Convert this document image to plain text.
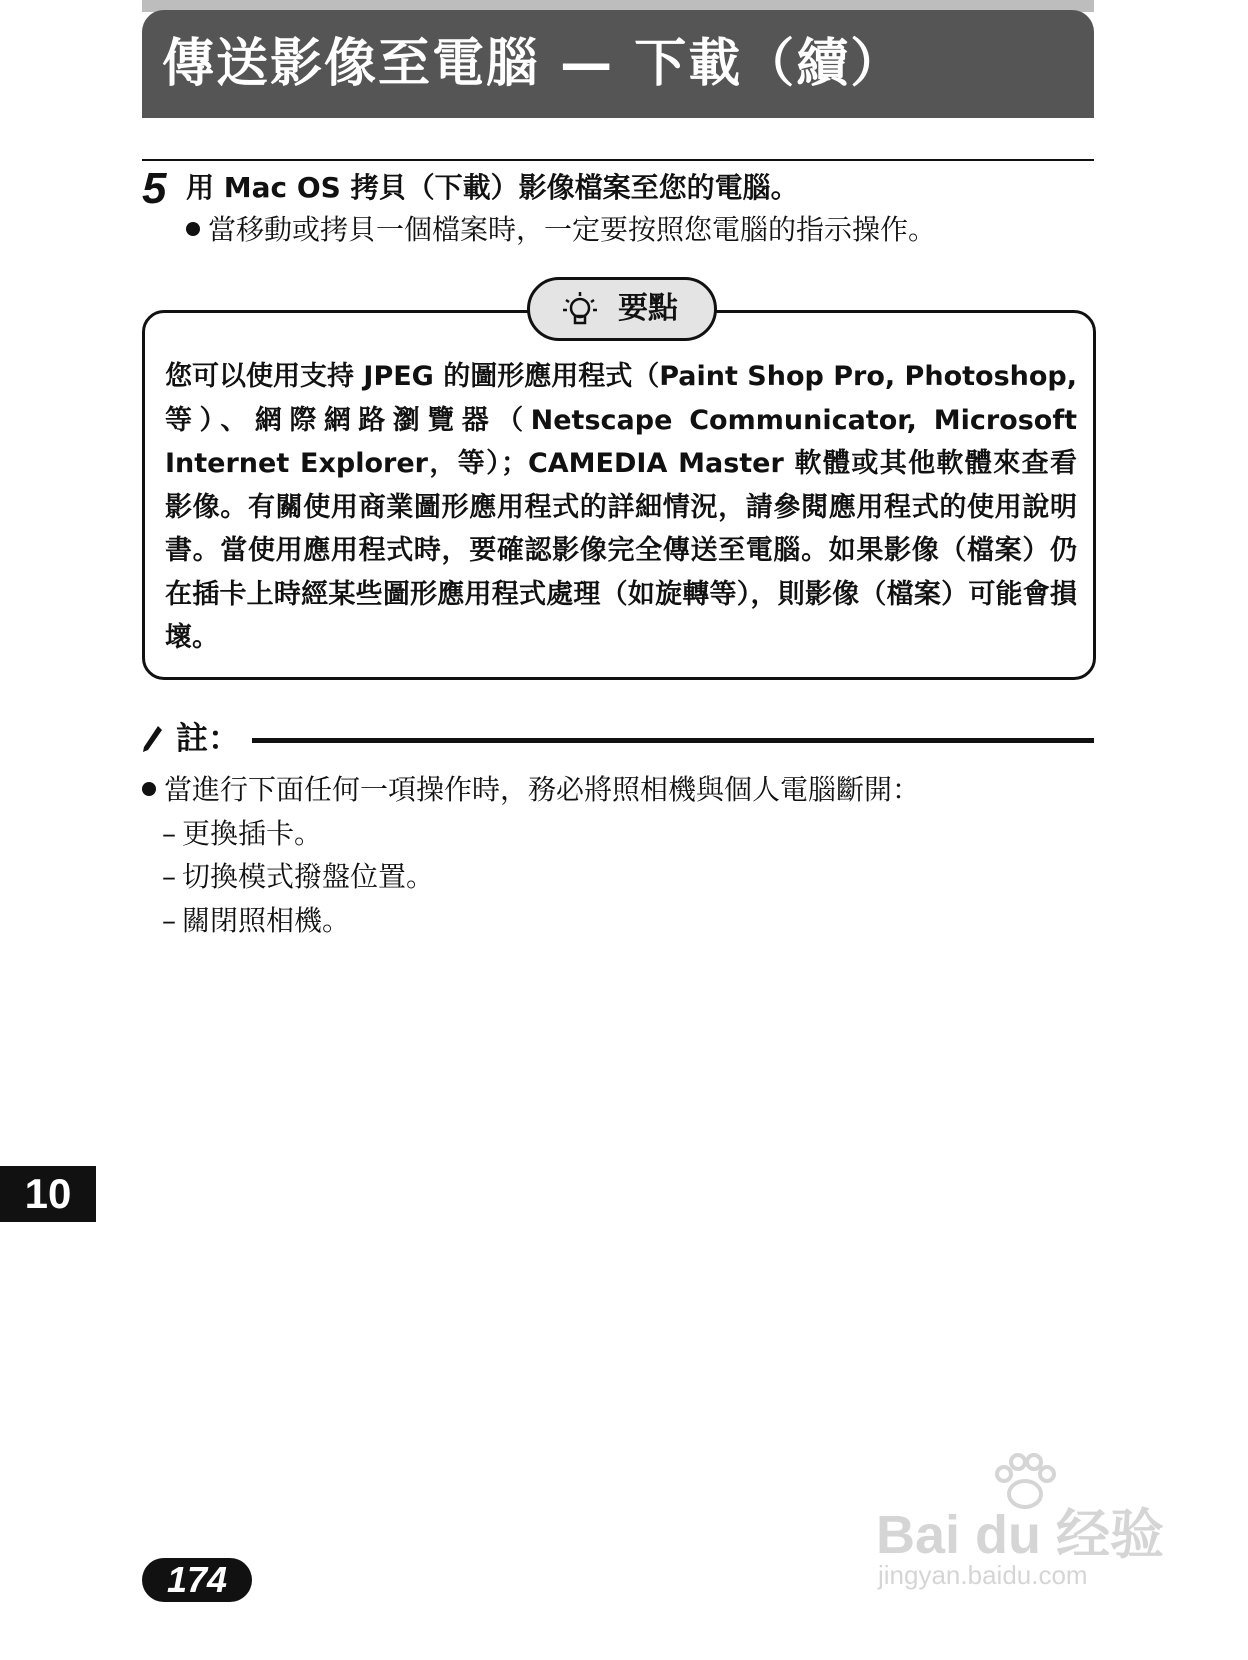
傳送影像至電腦 — 下載（續）
5 用 Mac OS 拷貝（下載）影像檔案至您的電腦。
當移動或拷貝一個檔案時，一定要按照您電腦的指示操作。
您可以使用支持 JPEG 的圖形應用程式（Paint Shop Pro, Photoshop, 等）、網際網路瀏覽器（Netscape Communicator, Microsoft Internet Explorer，等）；CAMEDIA Master 軟體或其他軟體來查看影像。有關使用商業圖形應用程式的詳細情況，請參閱應用程式的使用說明書。當使用應用程式時，要確認影像完全傳送至電腦。如果影像（檔案）仍在插卡上時經某些圖形應用程式處理（如旋轉等），則影像（檔案）可能會損壞。
要點
註：
當進行下面任何一項操作時，務必將照相機與個人電腦斷開：
– 更換插卡。
– 切換模式撥盤位置。
– 關閉照相機。
10
174
Bai du 经验
jingyan.baidu.com
